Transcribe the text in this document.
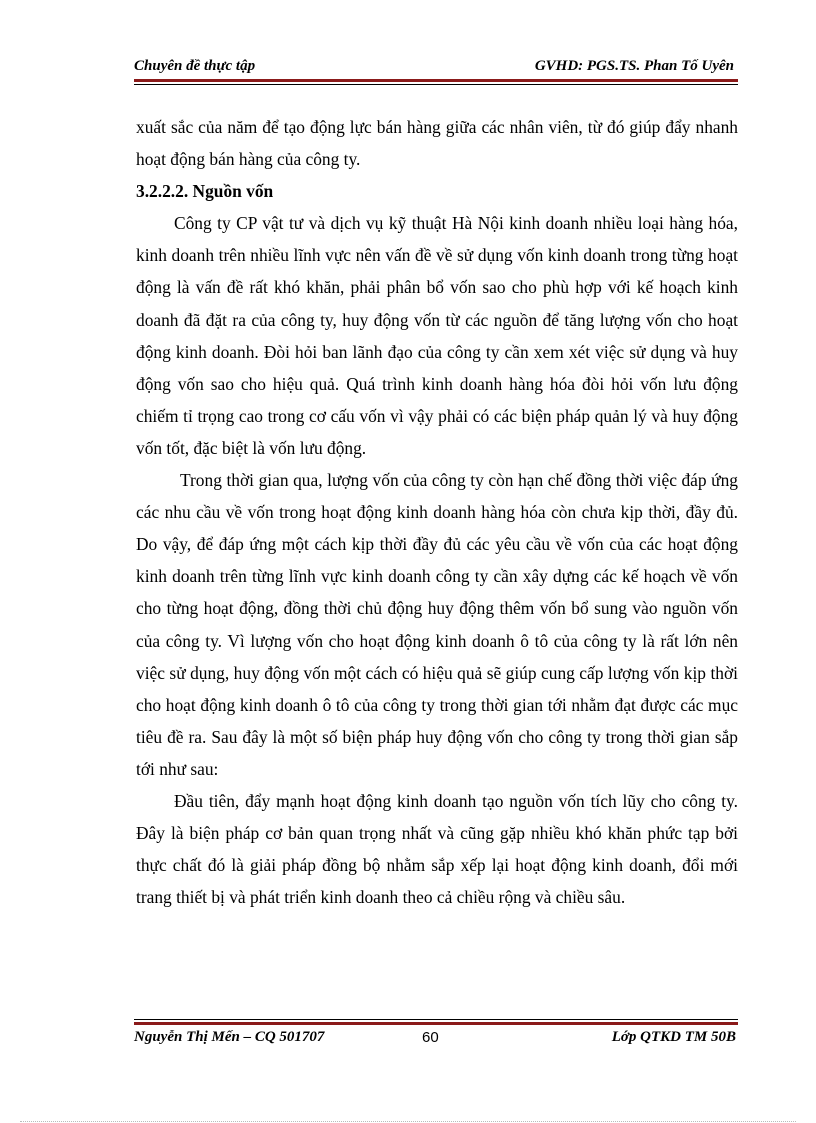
Chuyên đề thực tập	GVHD: PGS.TS. Phan Tố Uyên

xuất sắc của năm để tạo động lực bán hàng giữa các nhân viên, từ đó giúp đẩy nhanh hoạt động bán hàng của công ty.

3.2.2.2. Nguồn vốn

Công ty CP vật tư và dịch vụ kỹ thuật Hà Nội kinh doanh nhiều loại hàng hóa, kinh doanh trên nhiều lĩnh vực nên vấn đề về sử dụng vốn kinh doanh trong từng hoạt động là vấn đề rất khó khăn, phải phân bổ vốn sao cho phù hợp với kế hoạch kinh doanh đã đặt ra của công ty, huy động vốn từ các nguồn để tăng lượng vốn cho hoạt động kinh doanh. Đòi hỏi ban lãnh đạo của công ty cần xem xét việc sử dụng và huy động vốn sao cho hiệu quả. Quá trình kinh doanh hàng hóa đòi hỏi vốn lưu động chiếm tỉ trọng cao trong cơ cấu vốn vì vậy phải có các biện pháp quản lý và huy động vốn tốt, đặc biệt là vốn lưu động.

Trong thời gian qua, lượng vốn của công ty còn hạn chế đồng thời việc đáp ứng các nhu cầu về vốn trong hoạt động kinh doanh hàng hóa còn chưa kịp thời, đầy đủ. Do vậy, để đáp ứng một cách kịp thời đầy đủ các yêu cầu về vốn của các hoạt động kinh doanh trên từng lĩnh vực kinh doanh công ty cần xây dựng các kế hoạch về vốn cho từng hoạt động, đồng thời chủ động huy động thêm vốn bổ sung vào nguồn vốn của công ty. Vì lượng vốn cho hoạt động kinh doanh ô tô của công ty là rất lớn nên việc sử dụng, huy động vốn một cách có hiệu quả sẽ giúp cung cấp lượng vốn kịp thời cho hoạt động kinh doanh ô tô của công ty trong thời gian tới nhằm đạt được các mục tiêu đề ra. Sau đây là một số biện pháp huy động vốn cho công ty trong thời gian sắp tới như sau:

Đầu tiên, đẩy mạnh hoạt động kinh doanh tạo nguồn vốn tích lũy cho công ty. Đây là biện pháp cơ bản quan trọng nhất và cũng gặp nhiều khó khăn phức tạp bởi thực chất đó là giải pháp đồng bộ nhằm sắp xếp lại hoạt động kinh doanh, đổi mới trang thiết bị và phát triển kinh doanh theo cả chiều rộng và chiều sâu.

Nguyễn Thị Mến – CQ 501707	60	Lớp QTKD TM 50B
